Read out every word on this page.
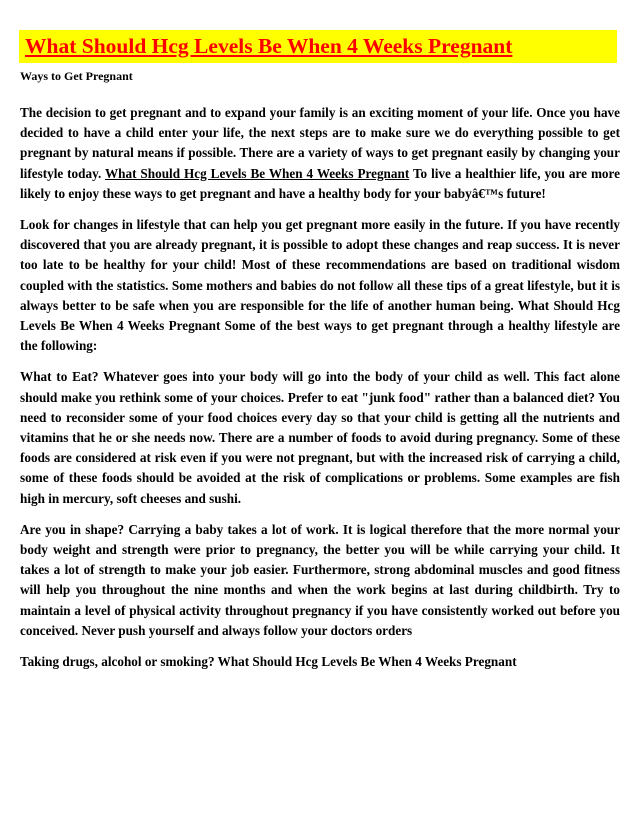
What Should Hcg Levels Be When 4 Weeks Pregnant
Ways to Get Pregnant

The decision to get pregnant and to expand your family is an exciting moment of your life. Once you have decided to have a child enter your life, the next steps are to make sure we do everything possible to get pregnant by natural means if possible. There are a variety of ways to get pregnant easily by changing your lifestyle today. What Should Hcg Levels Be When 4 Weeks Pregnant To live a healthier life, you are more likely to enjoy these ways to get pregnant and have a healthy body for your babyâ€™s future!

Look for changes in lifestyle that can help you get pregnant more easily in the future. If you have recently discovered that you are already pregnant, it is possible to adopt these changes and reap success. It is never too late to be healthy for your child! Most of these recommendations are based on traditional wisdom coupled with the statistics. Some mothers and babies do not follow all these tips of a great lifestyle, but it is always better to be safe when you are responsible for the life of another human being. What Should Hcg Levels Be When 4 Weeks Pregnant Some of the best ways to get pregnant through a healthy lifestyle are the following:

What to Eat? Whatever goes into your body will go into the body of your child as well. This fact alone should make you rethink some of your choices. Prefer to eat "junk food" rather than a balanced diet? You need to reconsider some of your food choices every day so that your child is getting all the nutrients and vitamins that he or she needs now. There are a number of foods to avoid during pregnancy. Some of these foods are considered at risk even if you were not pregnant, but with the increased risk of carrying a child, some of these foods should be avoided at the risk of complications or problems. Some examples are fish high in mercury, soft cheeses and sushi.

Are you in shape? Carrying a baby takes a lot of work. It is logical therefore that the more normal your body weight and strength were prior to pregnancy, the better you will be while carrying your child. It takes a lot of strength to make your job easier. Furthermore, strong abdominal muscles and good fitness will help you throughout the nine months and when the work begins at last during childbirth. Try to maintain a level of physical activity throughout pregnancy if you have consistently worked out before you conceived. Never push yourself and always follow your doctors orders

Taking drugs, alcohol or smoking? What Should Hcg Levels Be When 4 Weeks Pregnant
